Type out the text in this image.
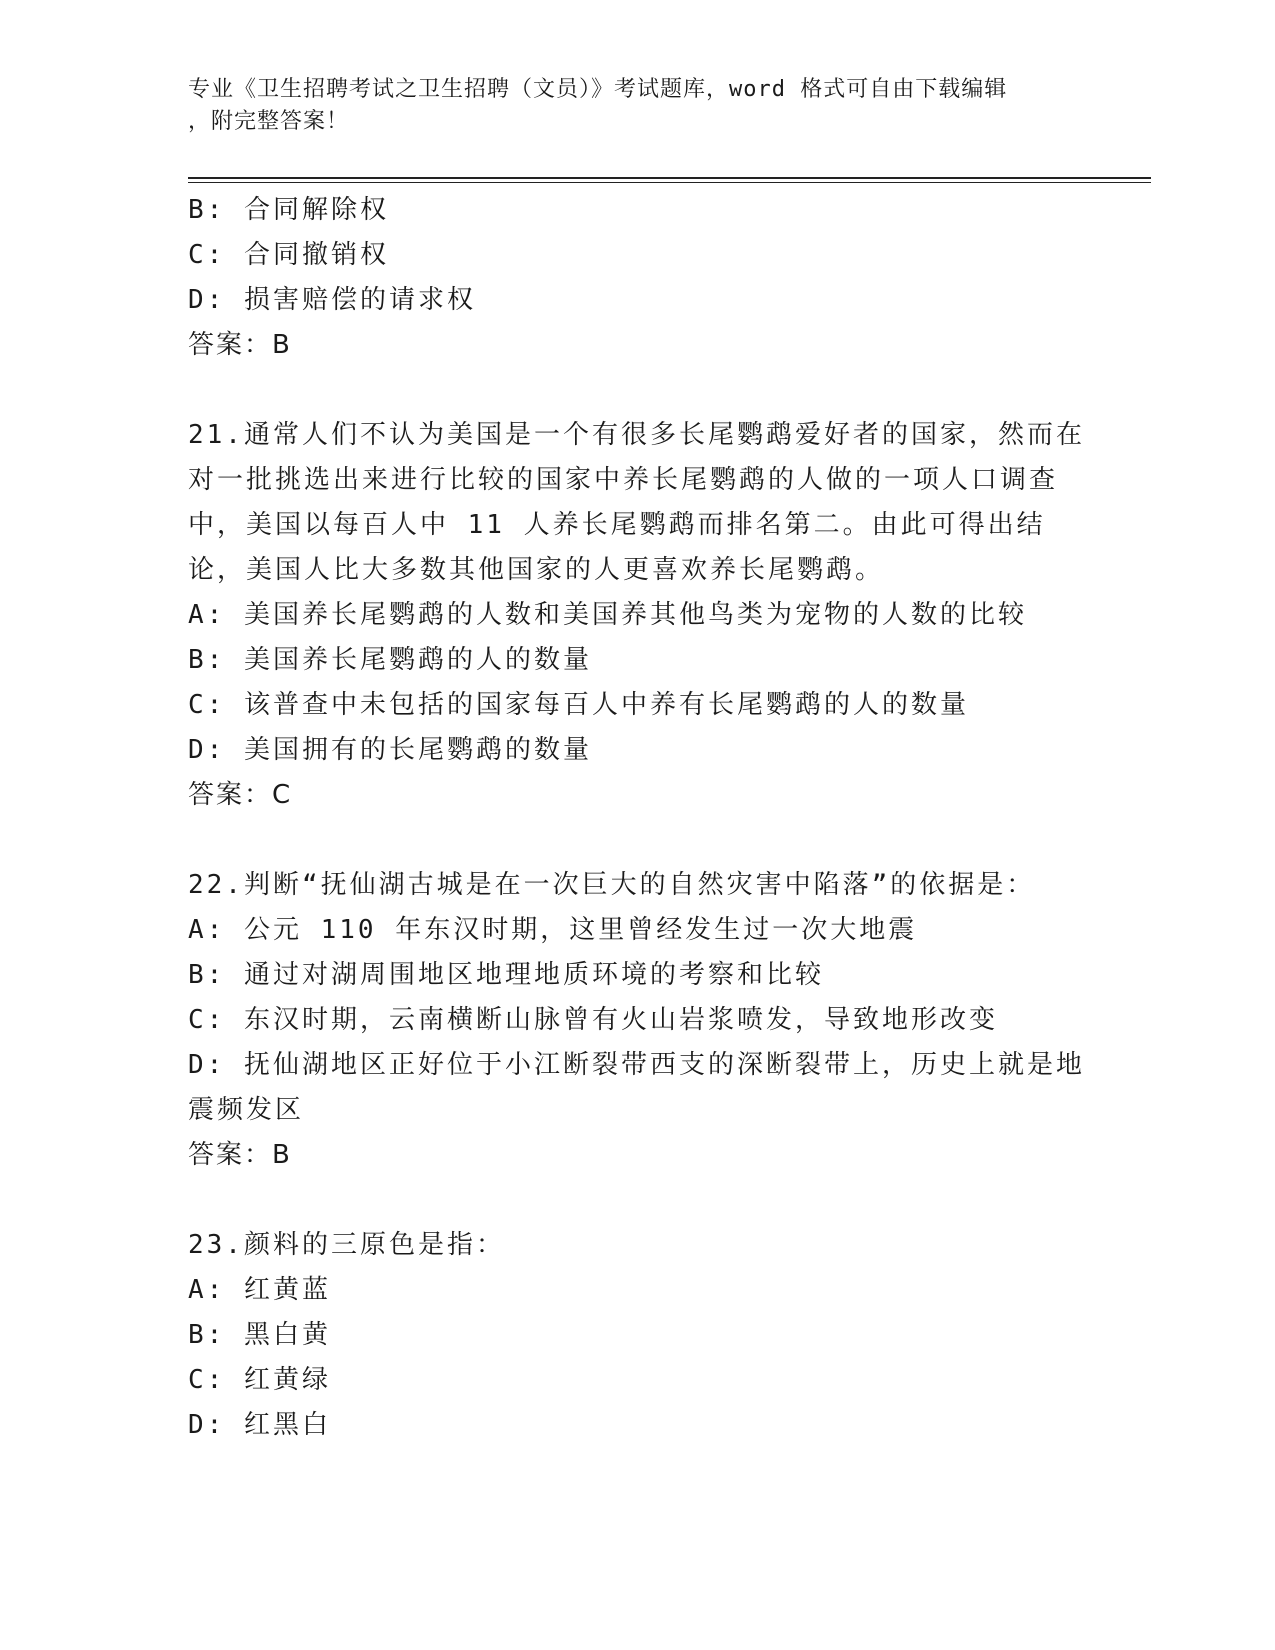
专业《卫生招聘考试之卫生招聘（文员）》考试题库，word 格式可自由下载编辑
，附完整答案！
B: 合同解除权
C: 合同撤销权
D: 损害赔偿的请求权
答案：B
21.通常人们不认为美国是一个有很多长尾鹦鹉爱好者的国家，然而在对一批挑选出来进行比较的国家中养长尾鹦鹉的人做的一项人口调查中，美国以每百人中 11 人养长尾鹦鹉而排名第二。由此可得出结论，美国人比大多数其他国家的人更喜欢养长尾鹦鹉。
A: 美国养长尾鹦鹉的人数和美国养其他鸟类为宠物的人数的比较
B: 美国养长尾鹦鹉的人的数量
C: 该普查中未包括的国家每百人中养有长尾鹦鹉的人的数量
D: 美国拥有的长尾鹦鹉的数量
答案：C
22.判断“抚仙湖古城是在一次巨大的自然灾害中陷落”的依据是：
A: 公元 110 年东汉时期，这里曾经发生过一次大地震
B: 通过对湖周围地区地理地质环境的考察和比较
C: 东汉时期，云南横断山脉曾有火山岩浆喷发，导致地形改变
D: 抚仙湖地区正好位于小江断裂带西支的深断裂带上，历史上就是地震频发区
答案：B
23.颜料的三原色是指：
A: 红黄蓝
B: 黑白黄
C: 红黄绿
D: 红黑白
